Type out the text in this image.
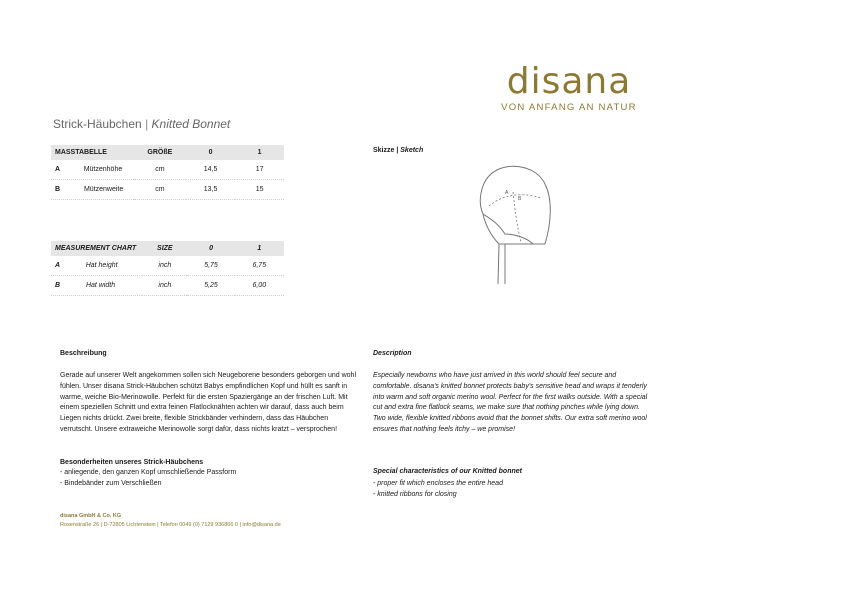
disana
VON ANFANG AN NATUR
Strick-Häubchen | Knitted Bonnet
MASSTABELLE	GRÖßE	0	1
A Mützenhöhe	cm	14,5	17
B Mützenweite	cm	13,5	15
MEASUREMENT CHART	SIZE	0	1
A Hat height	inch	5,75	6,75
B Hat width	inch	5,25	6,00
Skizze | Sketch
A
B
Beschreibung
Gerade auf unserer Welt angekommen sollen sich Neugeborene besonders geborgen und wohl fühlen. Unser disana Strick-Häubchen schützt Babys empfindlichen Kopf und hüllt es sanft in warme, weiche Bio-Merinowolle. Perfekt für die ersten Spaziergänge an der frischen Luft. Mit einem speziellen Schnitt und extra feinen Flatlocknähten achten wir darauf, dass auch beim Liegen nichts drückt. Zwei breite, flexible Strickbänder verhindern, dass das Häubchen verrutscht. Unsere extraweiche Merinowolle sorgt dafür, dass nichts kratzt – versprochen!
Besonderheiten unseres Strick-Häubchens
- anliegende, den ganzen Kopf umschließende Passform
- Bindebänder zum Verschließen
Description
Especially newborns who have just arrived in this world should feel secure and comfortable. disana's knitted bonnet protects baby's sensitive head and wraps it tenderly into warm and soft organic merino wool. Perfect for the first walks outside. With a special cut and extra fine flatlock seams, we make sure that nothing pinches while lying down. Two wide, flexible knitted ribbons avoid that the bonnet shifts. Our extra soft merino wool ensures that nothing feels itchy – we promise!
Special characteristics of our Knitted bonnet
- proper fit which encloses the entire head
- knitted ribbons for closing
disana GmbH & Co. KG
Rosenstraße 26 | D-72805 Lichtenstein | Telefon 0049 (0) 7129 936866 0 | info@disana.de
